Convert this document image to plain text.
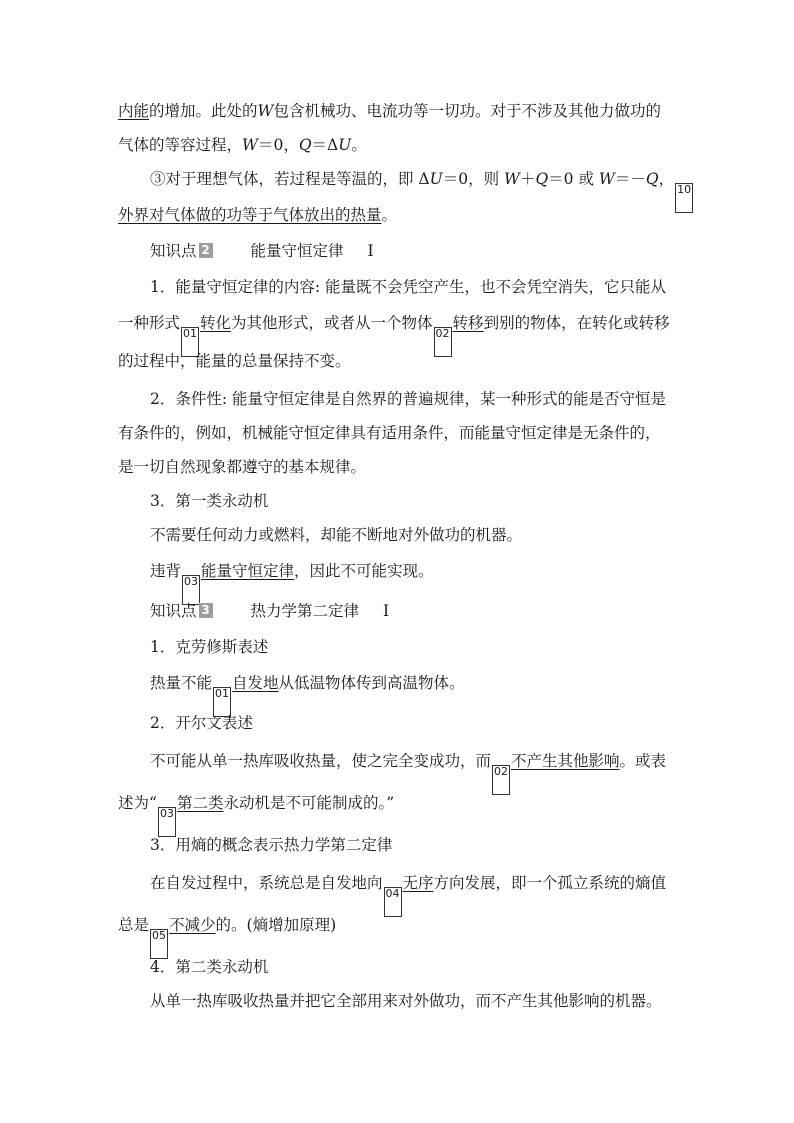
内能的增加。此处的W包含机械功、电流功等一切功。对于不涉及其他力做功的
气体的等容过程，W＝0，Q＝ΔU。
③对于理想气体，若过程是等温的，即 ΔU＝0，则 W＋Q＝0 或 W＝－Q，10
外界对气体做的功等于气体放出的热量。
知识点 2	能量守恒定律 Ⅰ
1．能量守恒定律的内容: 能量既不会凭空产生，也不会凭空消失，它只能从
一种形式01转化为其他形式，或者从一个物体02转移到别的物体，在转化或转移
的过程中，能量的总量保持不变。
2．条件性: 能量守恒定律是自然界的普遍规律，某一种形式的能是否守恒是
有条件的，例如，机械能守恒定律具有适用条件，而能量守恒定律是无条件的，
是一切自然现象都遵守的基本规律。
3．第一类永动机
不需要任何动力或燃料，却能不断地对外做功的机器。
违背03能量守恒定律，因此不可能实现。
知识点 3	热力学第二定律 Ⅰ
1．克劳修斯表述
热量不能01自发地从低温物体传到高温物体。
2．开尔文表述
不可能从单一热库吸收热量，使之完全变成功，而02不产生其他影响。或表
述为“03第二类永动机是不可能制成的。”
3．用熵的概念表示热力学第二定律
在自发过程中，系统总是自发地向04无序方向发展，即一个孤立系统的熵值
总是05不减少的。(熵增加原理)
4．第二类永动机
从单一热库吸收热量并把它全部用来对外做功，而不产生其他影响的机器。
